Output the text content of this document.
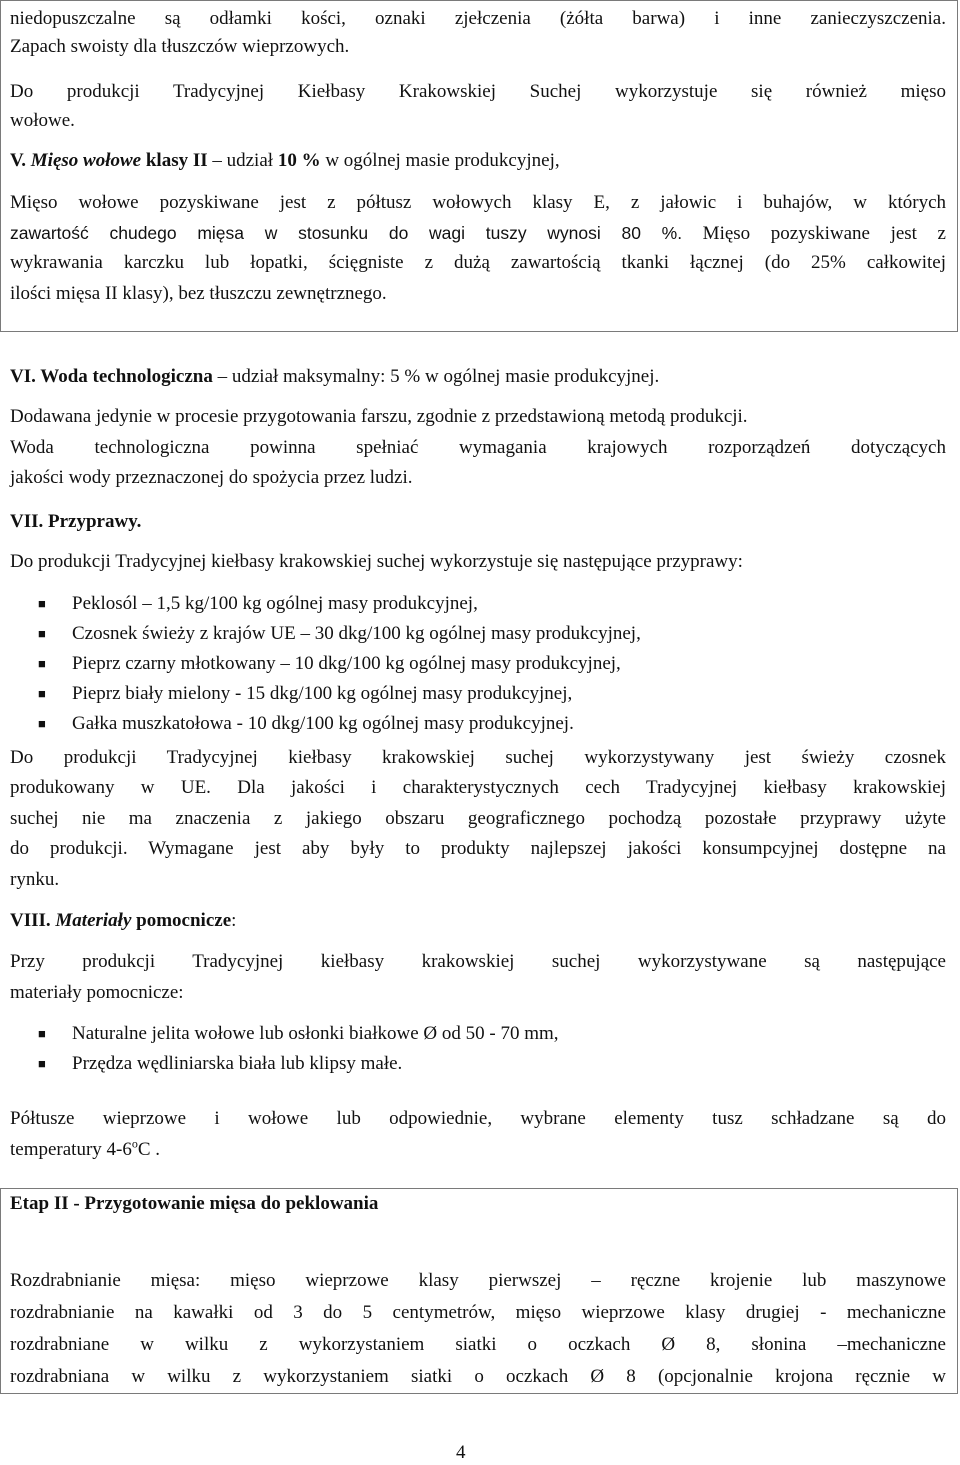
niedopuszczalne są odłamki kości, oznaki zjełczenia (żółta barwa) i inne zanieczyszczenia.
Zapach swoisty dla tłuszczów wieprzowych.
Do produkcji Tradycyjnej Kiełbasy Krakowskiej Suchej wykorzystuje się również mięso
wołowe.
V. Mięso wołowe klasy II – udział 10 % w ogólnej masie produkcyjnej,
Mięso wołowe pozyskiwane jest z półtusz wołowych klasy E, z jałowic i buhajów, w których
zawartość chudego mięsa w stosunku do wagi tuszy wynosi 80 %. Mięso pozyskiwane jest z
wykrawania karczku lub łopatki, ścięgniste z dużą zawartością tkanki łącznej (do 25% całkowitej
ilości mięsa II klasy), bez tłuszczu zewnętrznego.
VI. Woda technologiczna – udział maksymalny: 5 % w ogólnej masie produkcyjnej.
Dodawana jedynie w procesie przygotowania farszu, zgodnie z przedstawioną metodą produkcji.
Woda technologiczna powinna spełniać wymagania krajowych rozporządzeń dotyczących
jakości wody przeznaczonej do spożycia przez ludzi.
VII. Przyprawy.
Do produkcji Tradycyjnej kiełbasy krakowskiej suchej wykorzystuje się następujące przyprawy:
■ Peklosól – 1,5 kg/100 kg ogólnej masy produkcyjnej,
■ Czosnek świeży z krajów UE – 30 dkg/100 kg ogólnej masy produkcyjnej,
■ Pieprz czarny młotkowany – 10 dkg/100 kg ogólnej masy produkcyjnej,
■ Pieprz biały mielony - 15 dkg/100 kg ogólnej masy produkcyjnej,
■ Gałka muszkatołowa - 10 dkg/100 kg ogólnej masy produkcyjnej.
Do produkcji Tradycyjnej kiełbasy krakowskiej suchej wykorzystywany jest świeży czosnek
produkowany w UE. Dla jakości i charakterystycznych cech Tradycyjnej kiełbasy krakowskiej
suchej nie ma znaczenia z jakiego obszaru geograficznego pochodzą pozostałe przyprawy użyte
do produkcji. Wymagane jest aby były to produkty najlepszej jakości konsumpcyjnej dostępne na
rynku.
VIII. Materiały pomocnicze:
Przy produkcji Tradycyjnej kiełbasy krakowskiej suchej wykorzystywane są następujące
materiały pomocnicze:
■ Naturalne jelita wołowe lub osłonki białkowe Ø od 50 - 70 mm,
■ Przędza wędliniarska biała lub klipsy małe.
Półtusze wieprzowe i wołowe lub odpowiednie, wybrane elementy tusz schładzane są do
temperatury 4-6$^o$C .
Etap II - Przygotowanie mięsa do peklowania
Rozdrabnianie mięsa: mięso wieprzowe klasy pierwszej – ręczne krojenie lub maszynowe
rozdrabnianie na kawałki od 3 do 5 centymetrów, mięso wieprzowe klasy drugiej - mechaniczne
rozdrabniane w wilku z wykorzystaniem siatki o oczkach Ø 8, słonina –mechaniczne
rozdrabniana w wilku z wykorzystaniem siatki o oczkach Ø 8 (opcjonalnie krojona ręcznie w
4
